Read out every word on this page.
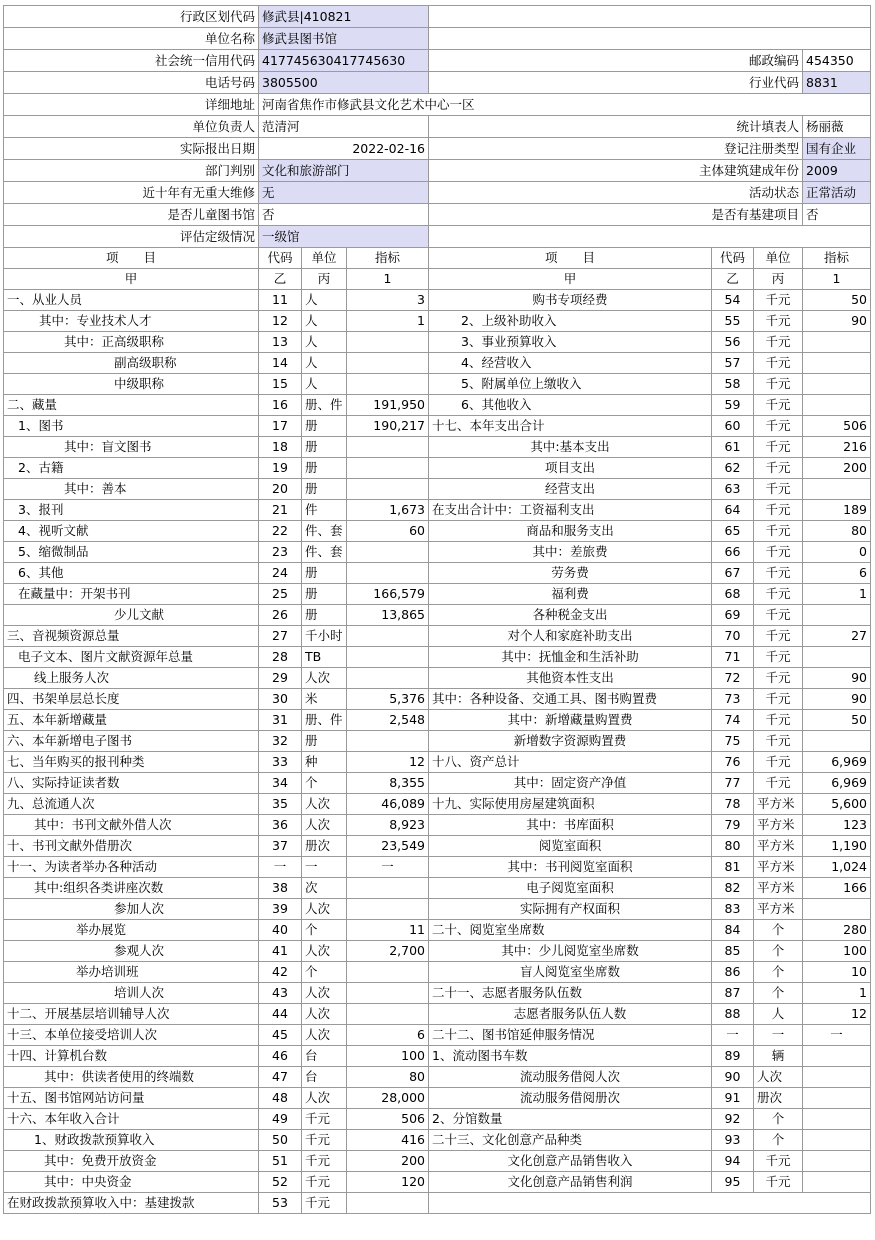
行政区划代码	修武县|410821						
单位名称	修武县图书馆						
社会统一信用代码	417745630417745630			邮政编码			454350
电话号码	3805500			行业代码			8831
详细地址	河南省焦作市修武县文化艺术中心一区						
单位负责人	范清河			统计填表人			杨丽薇
实际报出日期	2022-02-16			登记注册类型			国有企业
部门判别	文化和旅游部门			主体建筑建成年份			2009
近十年有无重大维修	无			活动状态			正常活动
是否儿童图书馆	否			是否有基建项目			否
评估定级情况	一级馆						
项　　目	代码	单位	指标	项　　目	代码	单位	指标
甲	乙	丙	1	甲	乙	丙	1
一、从业人员	11	人	3	购书专项经费	54	千元	50
其中：专业技术人才	12	人	1	2、上级补助收入	55	千元	90
其中：正高级职称	13	人		3、事业预算收入	56	千元	
副高级职称	14	人		4、经营收入	57	千元	
中级职称	15	人		5、附属单位上缴收入	58	千元	
二、藏量	16	册、件	191,950	6、其他收入	59	千元	
1、图书	17	册	190,217	十七、本年支出合计	60	千元	506
其中：盲文图书	18	册		其中:基本支出	61	千元	216
2、古籍	19	册		项目支出	62	千元	200
其中：善本	20	册		经营支出	63	千元	
3、报刊	21	件	1,673	在支出合计中：工资福利支出	64	千元	189
4、视听文献	22	件、套	60	商品和服务支出	65	千元	80
5、缩微制品	23	件、套		其中：差旅费	66	千元	0
6、其他	24	册		劳务费	67	千元	6
在藏量中：开架书刊	25	册	166,579	福利费	68	千元	1
少儿文献	26	册	13,865	各种税金支出	69	千元	
三、音视频资源总量	27	千小时		对个人和家庭补助支出	70	千元	27
电子文本、图片文献资源年总量	28	TB		其中：抚恤金和生活补助	71	千元	
线上服务人次	29	人次		其他资本性支出	72	千元	90
四、书架单层总长度	30	米	5,376	其中：各种设备、交通工具、图书购置费	73	千元	90
五、本年新增藏量	31	册、件	2,548	其中：新增藏量购置费	74	千元	50
六、本年新增电子图书	32	册		新增数字资源购置费	75	千元	
七、当年购买的报刊种类	33	种	12	十八、资产总计	76	千元	6,969
八、实际持证读者数	34	个	8,355	其中：固定资产净值	77	千元	6,969
九、总流通人次	35	人次	46,089	十九、实际使用房屋建筑面积	78	平方米	5,600
其中：书刊文献外借人次	36	人次	8,923	其中：书库面积	79	平方米	123
十、书刊文献外借册次	37	册次	23,549	阅览室面积	80	平方米	1,190
十一、为读者举办各种活动	一	一	一	其中：书刊阅览室面积	81	平方米	1,024
其中:组织各类讲座次数	38	次		电子阅览室面积	82	平方米	166
参加人次	39	人次		实际拥有产权面积	83	平方米	
举办展览	40	个	11	二十、阅览室坐席数	84	个	280
参观人次	41	人次	2,700	其中：少儿阅览室坐席数	85	个	100
举办培训班	42	个		盲人阅览室坐席数	86	个	10
培训人次	43	人次		二十一、志愿者服务队伍数	87	个	1
十二、开展基层培训辅导人次	44	人次		志愿者服务队伍人数	88	人	12
十三、本单位接受培训人次	45	人次	6	二十二、图书馆延伸服务情况	一	一	一
十四、计算机台数	46	台	100	1、流动图书车数	89	辆	
其中：供读者使用的终端数	47	台	80	流动服务借阅人次	90	人次	
十五、图书馆网站访问量	48	人次	28,000	流动服务借阅册次	91	册次	
十六、本年收入合计	49	千元	506	2、分馆数量	92	个	
1、财政拨款预算收入	50	千元	416	二十三、文化创意产品种类	93	个	
其中：免费开放资金	51	千元	200	文化创意产品销售收入	94	千元	
其中：中央资金	52	千元	120	文化创意产品销售利润	95	千元	
在财政拨款预算收入中：基建拨款	53	千元					
